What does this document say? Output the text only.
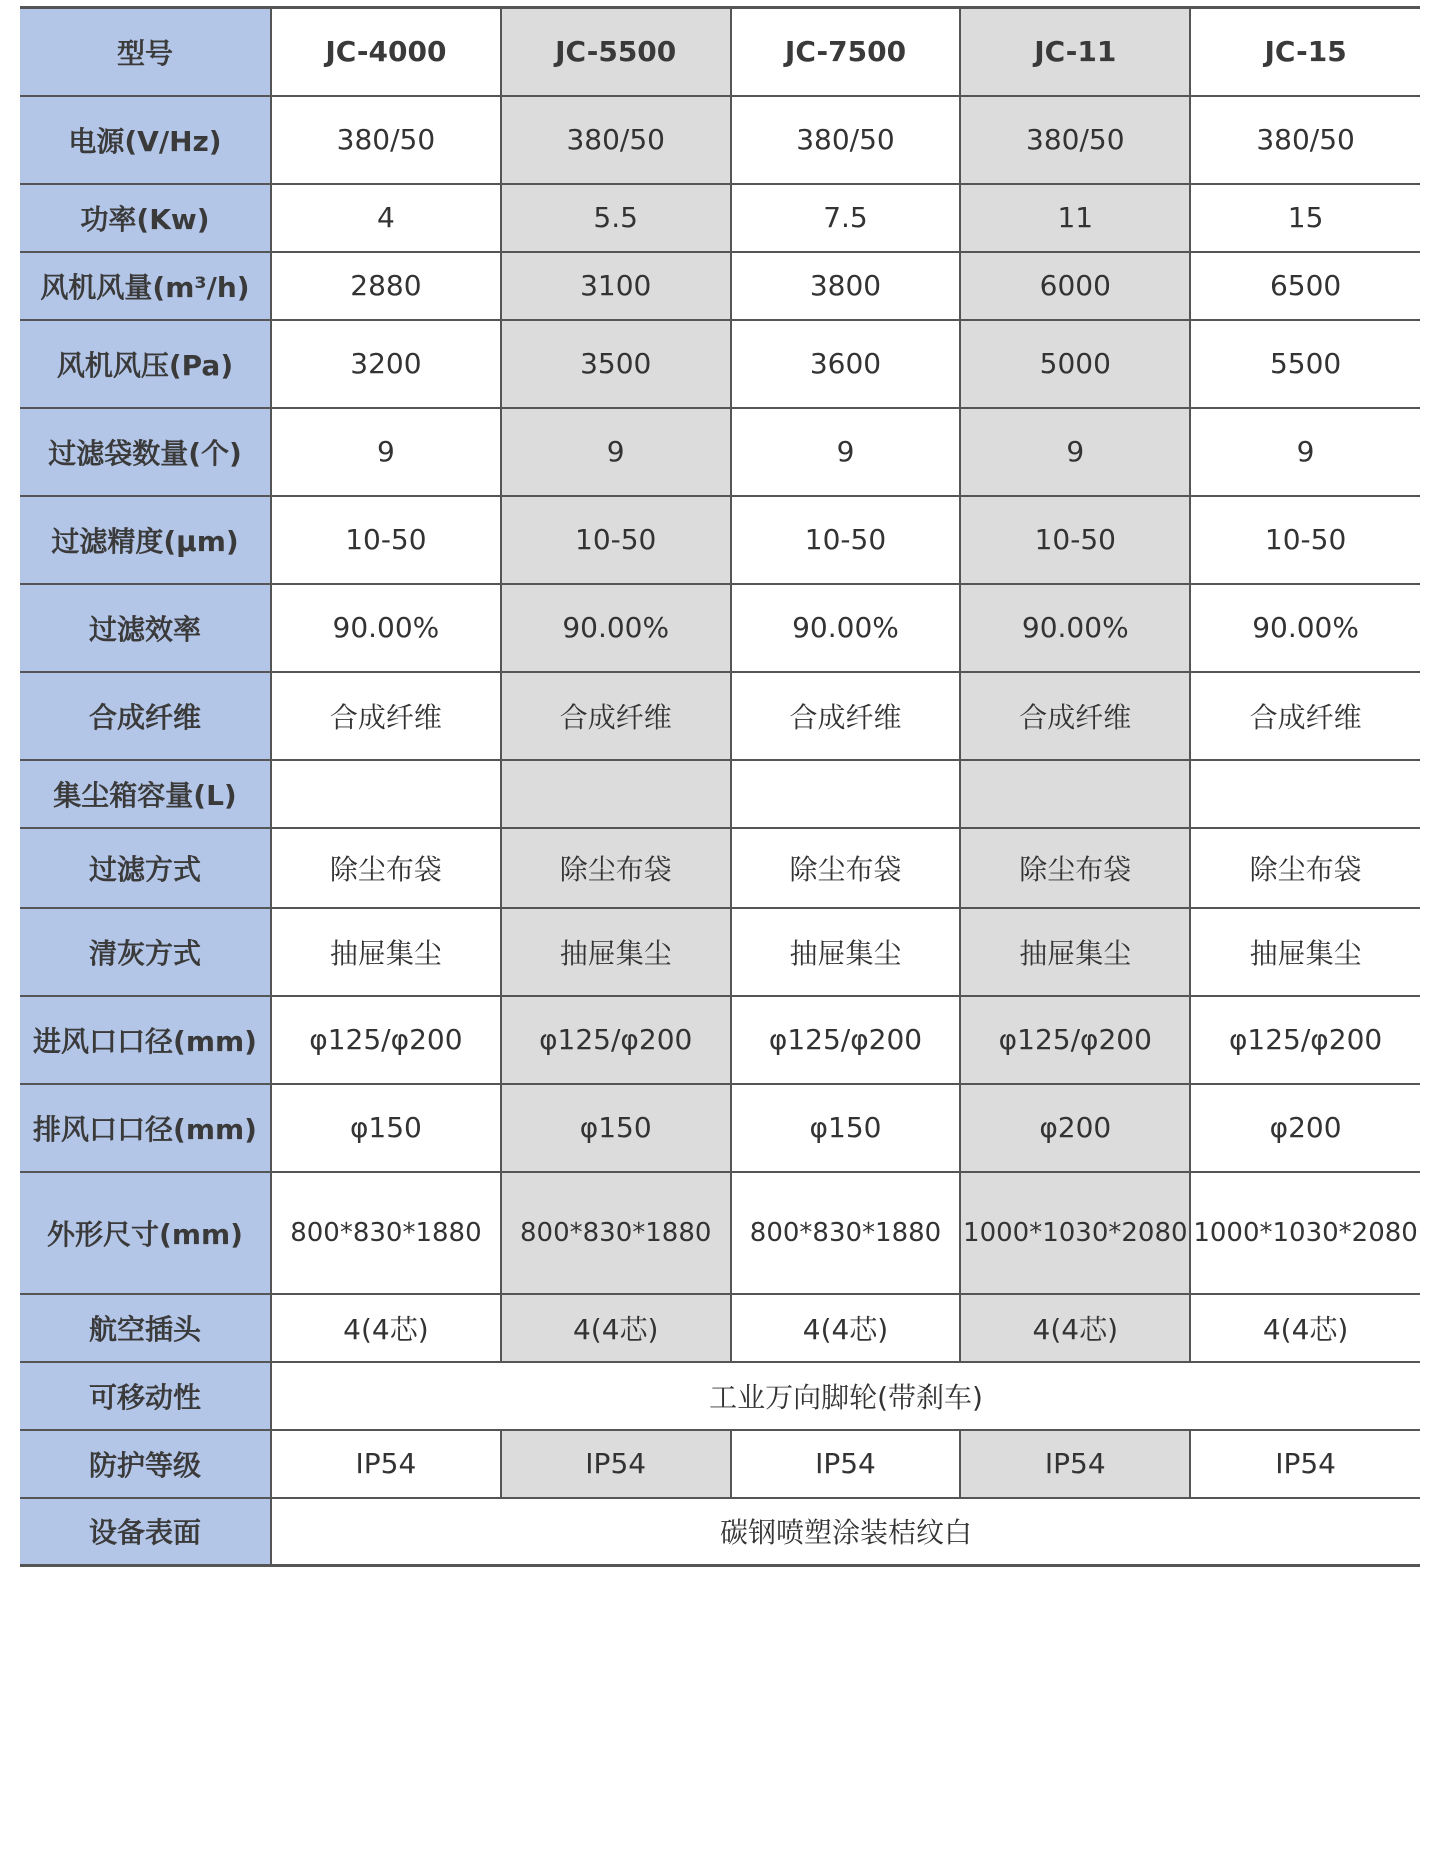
型号	JC-4000	JC-5500	JC-7500	JC-11	JC-15
电源(V/Hz)	380/50	380/50	380/50	380/50	380/50
功率(Kw)	4	5.5	7.5	11	15
风机风量(m³/h)	2880	3100	3800	6000	6500
风机风压(Pa)	3200	3500	3600	5000	5500
过滤袋数量(个)	9	9	9	9	9
过滤精度(μm)	10-50	10-50	10-50	10-50	10-50
过滤效率	90.00%	90.00%	90.00%	90.00%	90.00%
合成纤维	合成纤维	合成纤维	合成纤维	合成纤维	合成纤维
集尘箱容量(L)					
过滤方式	除尘布袋	除尘布袋	除尘布袋	除尘布袋	除尘布袋
清灰方式	抽屉集尘	抽屉集尘	抽屉集尘	抽屉集尘	抽屉集尘
进风口口径(mm)	φ125/φ200	φ125/φ200	φ125/φ200	φ125/φ200	φ125/φ200
排风口口径(mm)	φ150	φ150	φ150	φ200	φ200
外形尺寸(mm)	800*830*1880	800*830*1880	800*830*1880	1000*1030*2080	1000*1030*2080
航空插头	4(4芯)	4(4芯)	4(4芯)	4(4芯)	4(4芯)
可移动性	工业万向脚轮(带刹车)				
防护等级	IP54	IP54	IP54	IP54	IP54
设备表面	碳钢喷塑涂装桔纹白				
